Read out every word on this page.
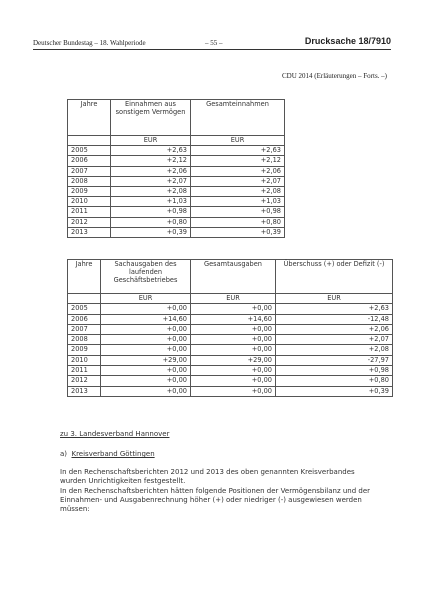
Deutscher Bundestag – 18. Wahlperiode	– 55 –	Drucksache 18/7910
CDU 2014 (Erläuterungen – Forts. –)
Jahre	Einnahmen aus sonstigem Vermögen	Gesamteinnahmen
	EUR	EUR
2005	+2,63	+2,63
2006	+2,12	+2,12
2007	+2,06	+2,06
2008	+2,07	+2,07
2009	+2,08	+2,08
2010	+1,03	+1,03
2011	+0,98	+0,98
2012	+0,80	+0,80
2013	+0,39	+0,39
Jahre	Sachausgaben des laufenden Geschäftsbetriebes	Gesamtausgaben	Überschuss (+) oder Defizit (-)
	EUR	EUR	EUR
2005	+0,00	+0,00	+2,63
2006	+14,60	+14,60	-12,48
2007	+0,00	+0,00	+2,06
2008	+0,00	+0,00	+2,07
2009	+0,00	+0,00	+2,08
2010	+29,00	+29,00	-27,97
2011	+0,00	+0,00	+0,98
2012	+0,00	+0,00	+0,80
2013	+0,00	+0,00	+0,39
zu 3. Landesverband Hannover
a) Kreisverband Göttingen
In den Rechenschaftsberichten 2012 und 2013 des oben genannten Kreisverbandes wurden Unrichtigkeiten festgestellt.
In den Rechenschaftsberichten hätten folgende Positionen der Vermögensbilanz und der Einnahmen- und Ausgabenrechnung höher (+) oder niedriger (-) ausgewiesen werden müssen:
